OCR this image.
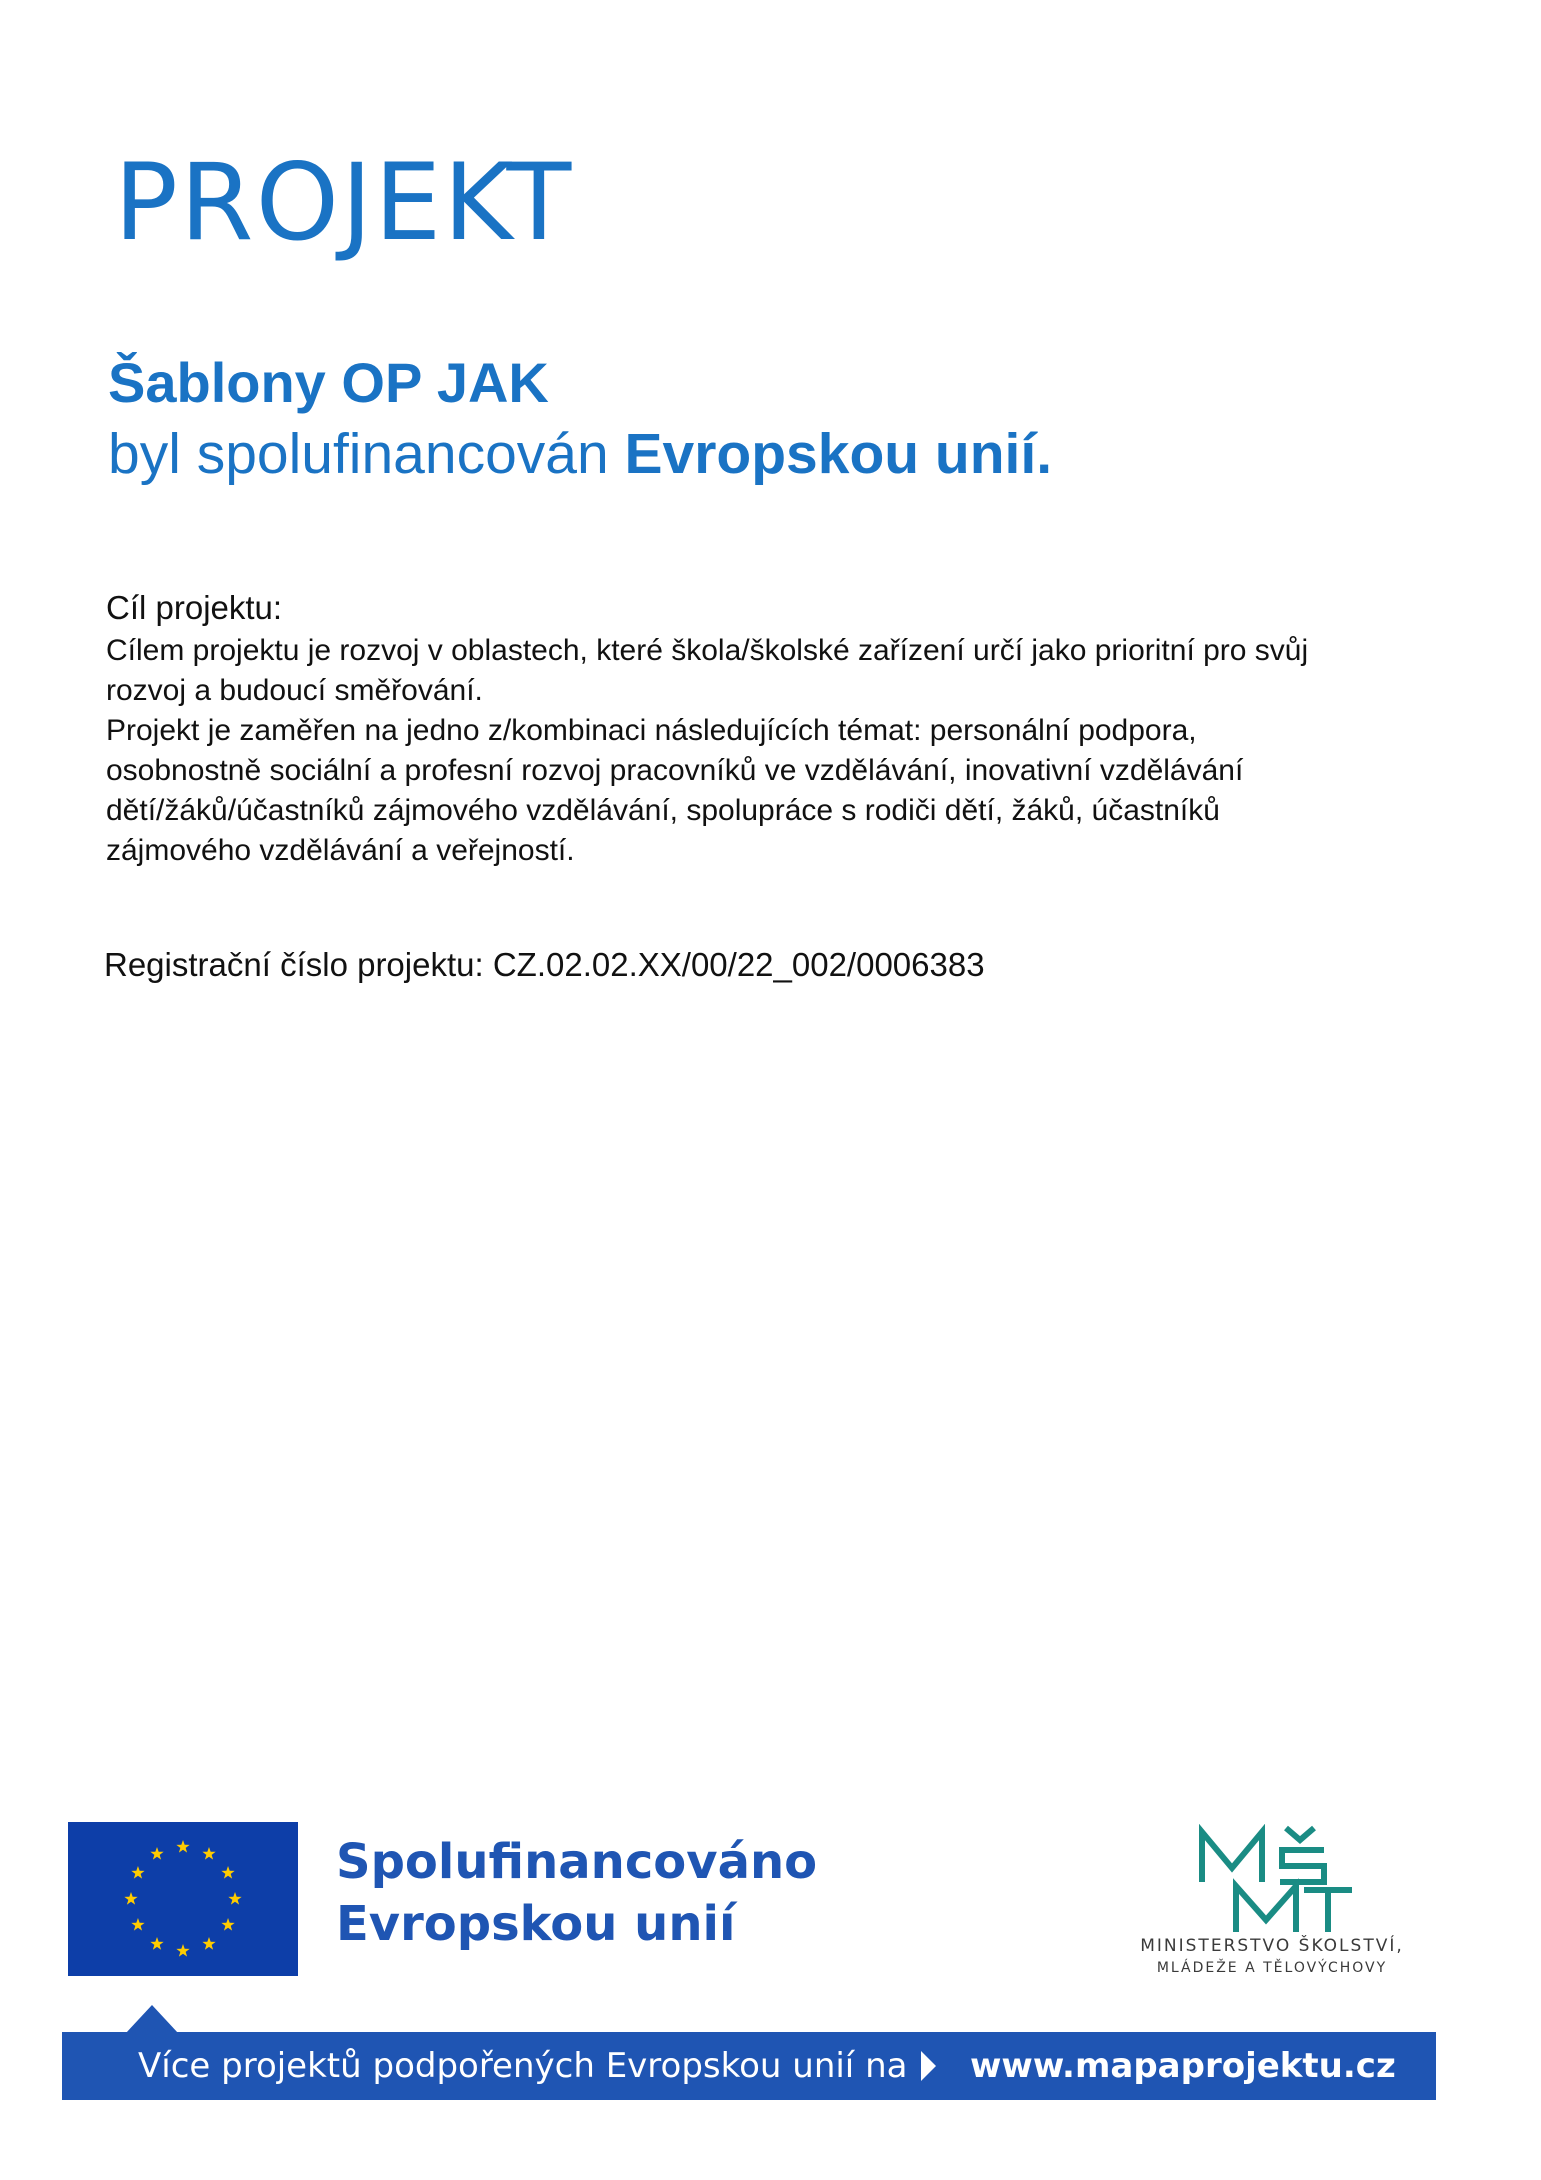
PROJEKT

Šablony OP JAK

byl spolufinancován Evropskou unií.

Cíl projektu:

Cílem projektu je rozvoj v oblastech, které škola/školské zařízení určí jako prioritní pro svůj

rozvoj a budoucí směřování.

Projekt je zaměřen na jedno z/kombinaci následujících témat: personální podpora,

osobnostně sociální a profesní rozvoj pracovníků ve vzdělávání, inovativní vzdělávání

dětí/žáků/účastníků zájmového vzdělávání, spolupráce s rodiči dětí, žáků, účastníků

zájmového vzdělávání a veřejností.

Registrační číslo projektu: CZ.02.02.XX/00/22_002/0006383

Spolufinancováno

Evropskou unií	MINISTERSTVO ŠKOLSTVÍ,
MLÁDEŽE A TĚLOVÝCHOVY
Více projektů podpořených Evropskou unií na www.mapaprojektu.cz
